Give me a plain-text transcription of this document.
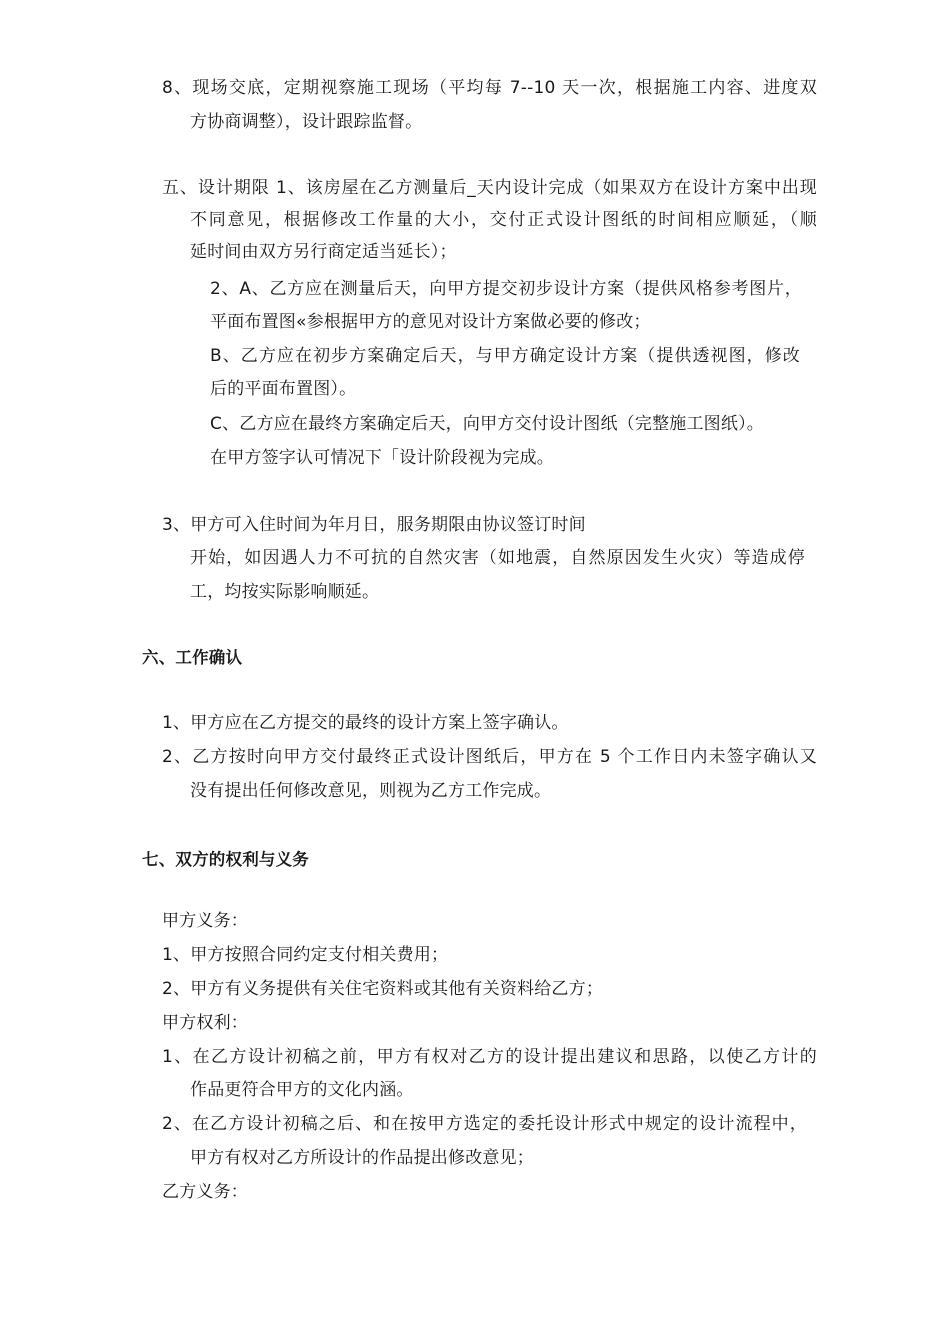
8、现场交底，定期视察施工现场（平均每 7--10 天一次，根据施工内容、进度双
方协商调整），设计跟踪监督。
五、设计期限 1、该房屋在乙方测量后_天内设计完成（如果双方在设计方案中出现
不同意见，根据修改工作量的大小，交付正式设计图纸的时间相应顺延，（顺
延时间由双方另行商定适当延长）；
2、A、乙方应在测量后天，向甲方提交初步设计方案（提供风格参考图片，
平面布置图«参根据甲方的意见对设计方案做必要的修改；
B、乙方应在初步方案确定后天，与甲方确定设计方案（提供透视图，修改
后的平面布置图）。
C、乙方应在最终方案确定后天，向甲方交付设计图纸（完整施工图纸）。
在甲方签字认可情况下「设计阶段视为完成。
3、甲方可入住时间为年月日，服务期限由协议签订时间
开始，如因遇人力不可抗的自然灾害（如地震，自然原因发生火灾）等造成停
工，均按实际影响顺延。
六、工作确认
1、甲方应在乙方提交的最终的设计方案上签字确认。
2、乙方按时向甲方交付最终正式设计图纸后，甲方在 5 个工作日内未签字确认又
没有提出任何修改意见，则视为乙方工作完成。
七、双方的权利与义务
甲方义务：
1、甲方按照合同约定支付相关费用；
2、甲方有义务提供有关住宅资料或其他有关资料给乙方；
甲方权利：
1、在乙方设计初稿之前，甲方有权对乙方的设计提出建议和思路，以使乙方计的
作品更符合甲方的文化内涵。
2、在乙方设计初稿之后、和在按甲方选定的委托设计形式中规定的设计流程中，
甲方有权对乙方所设计的作品提出修改意见；
乙方义务：
